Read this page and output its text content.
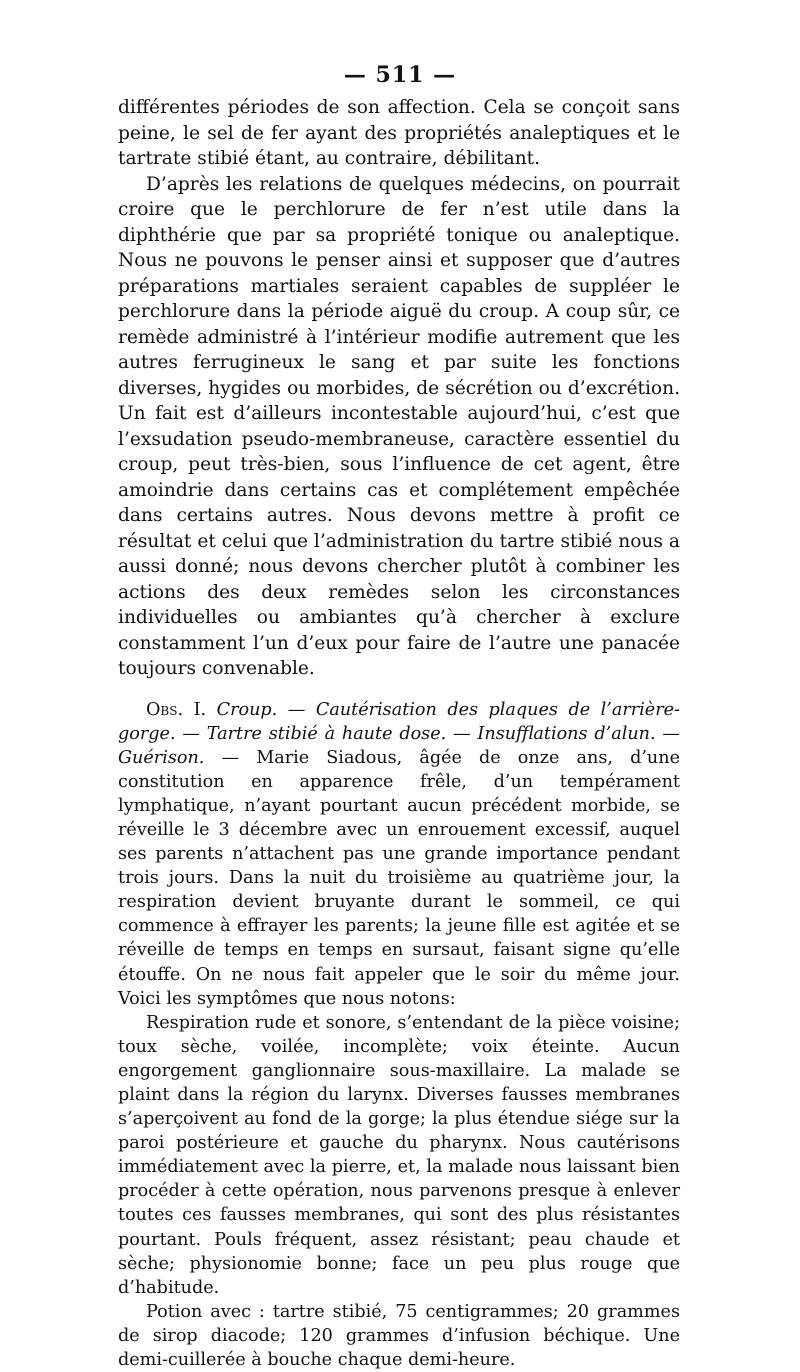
— 511 —

différentes périodes de son affection. Cela se conçoit sans peine, le sel de fer ayant des propriétés analeptiques et le tartrate stibié étant, au contraire, débilitant.

D’après les relations de quelques médecins, on pourrait croire que le perchlorure de fer n’est utile dans la diphthérie que par sa propriété tonique ou analeptique. Nous ne pouvons le penser ainsi et supposer que d’autres préparations martiales seraient capables de suppléer le perchlorure dans la période aiguë du croup. A coup sûr, ce remède administré à l’intérieur modifie autrement que les autres ferrugineux le sang et par suite les fonctions diverses, hygides ou morbides, de sécrétion ou d’excrétion. Un fait est d’ailleurs incontestable aujourd’hui, c’est que l’exsudation pseudo-membraneuse, caractère essentiel du croup, peut très-bien, sous l’influence de cet agent, être amoindrie dans certains cas et complétement empêchée dans certains autres. Nous devons mettre à profit ce résultat et celui que l’administration du tartre stibié nous a aussi donné; nous devons chercher plutôt à combiner les actions des deux remèdes selon les circonstances individuelles ou ambiantes qu’à chercher à exclure constamment l’un d’eux pour faire de l’autre une panacée toujours convenable.

Obs. I. Croup. — Cautérisation des plaques de l’arrière-gorge. — Tartre stibié à haute dose. — Insufflations d’alun. — Guérison. — Marie Siadous, âgée de onze ans, d’une constitution en apparence frêle, d’un tempérament lymphatique, n’ayant pourtant aucun précédent morbide, se réveille le 3 décembre avec un enrouement excessif, auquel ses parents n’attachent pas une grande importance pendant trois jours. Dans la nuit du troisième au quatrième jour, la respiration devient bruyante durant le sommeil, ce qui commence à effrayer les parents; la jeune fille est agitée et se réveille de temps en temps en sursaut, faisant signe qu’elle étouffe. On ne nous fait appeler que le soir du même jour. Voici les symptômes que nous notons:

Respiration rude et sonore, s’entendant de la pièce voisine; toux sèche, voilée, incomplète; voix éteinte. Aucun engorgement ganglionnaire sous-maxillaire. La malade se plaint dans la région du larynx. Diverses fausses membranes s’aperçoivent au fond de la gorge; la plus étendue siége sur la paroi postérieure et gauche du pharynx. Nous cautérisons immédiatement avec la pierre, et, la malade nous laissant bien procéder à cette opération, nous parvenons presque à enlever toutes ces fausses membranes, qui sont des plus résistantes pourtant. Pouls fréquent, assez résistant; peau chaude et sèche; physionomie bonne; face un peu plus rouge que d’habitude.

Potion avec : tartre stibié, 75 centigrammes; 20 grammes de sirop diacode; 120 grammes d’infusion béchique. Une demi-cuillerée à bouche chaque demi-heure.
